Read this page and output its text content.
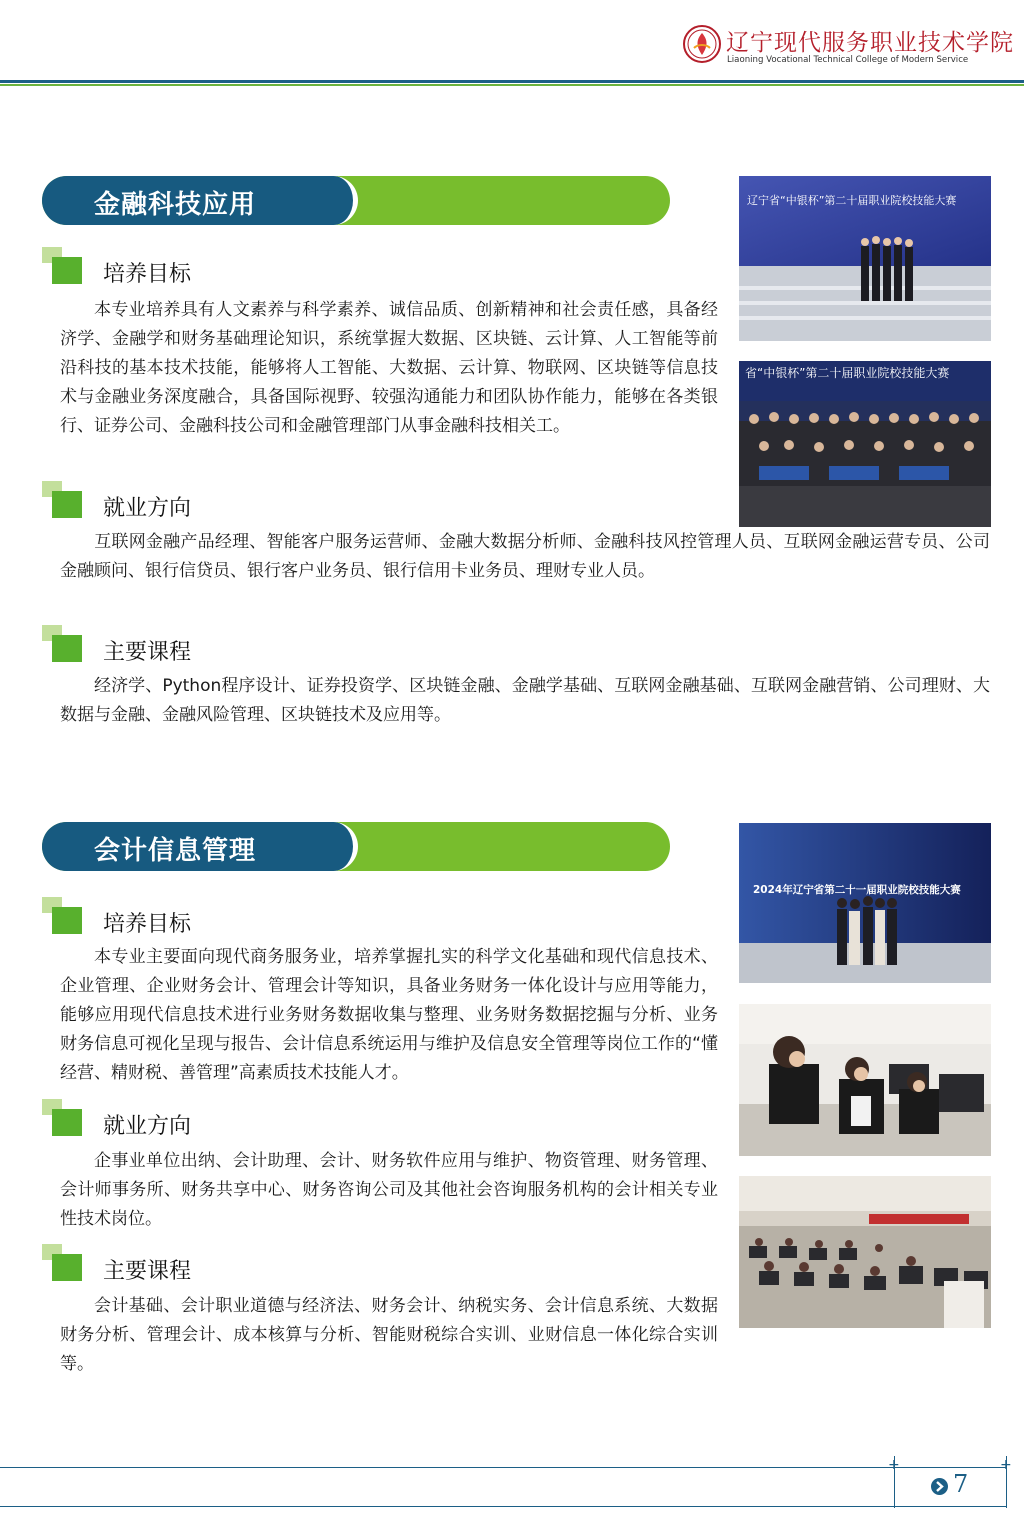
辽宁现代服务职业技术学院
Liaoning Vocational Technical College of Modern Service
金融科技应用
培养目标

本专业培养具有人文素养与科学素养、诚信品质、创新精神和社会责任感，具备经济学、金融学和财务基础理论知识，系统掌握大数据、区块链、云计算、人工智能等前沿科技的基本技术技能，能够将人工智能、大数据、云计算、物联网、区块链等信息技术与金融业务深度融合，具备国际视野、较强沟通能力和团队协作能力，能够在各类银行、证券公司、金融科技公司和金融管理部门从事金融科技相关工。

就业方向

互联网金融产品经理、智能客户服务运营师、金融大数据分析师、金融科技风控管理人员、互联网金融运营专员、公司金融顾问、银行信贷员、银行客户业务员、银行信用卡业务员、理财专业人员。

主要课程

经济学、Python程序设计、证券投资学、区块链金融、金融学基础、互联网金融基础、互联网金融营销、公司理财、大数据与金融、金融风险管理、区块链技术及应用等。

辽宁省“中银杯”第二十届职业院校技能大赛
省“中银杯”第二十届职业院校技能大赛
会计信息管理
培养目标

本专业主要面向现代商务服务业，培养掌握扎实的科学文化基础和现代信息技术、企业管理、企业财务会计、管理会计等知识，具备业务财务一体化设计与应用等能力，能够应用现代信息技术进行业务财务数据收集与整理、业务财务数据挖掘与分析、业务财务信息可视化呈现与报告、会计信息系统运用与维护及信息安全管理等岗位工作的“懂经营、精财税、善管理”高素质技术技能人才。

就业方向

企事业单位出纳、会计助理、会计、财务软件应用与维护、物资管理、财务管理、会计师事务所、财务共享中心、财务咨询公司及其他社会咨询服务机构的会计相关专业性技术岗位。

主要课程

会计基础、会计职业道德与经济法、财务会计、纳税实务、会计信息系统、大数据财务分析、管理会计、成本核算与分析、智能财税综合实训、业财信息一体化综合实训等。

2024年辽宁省第二十一届职业院校技能大赛
+	+
7
